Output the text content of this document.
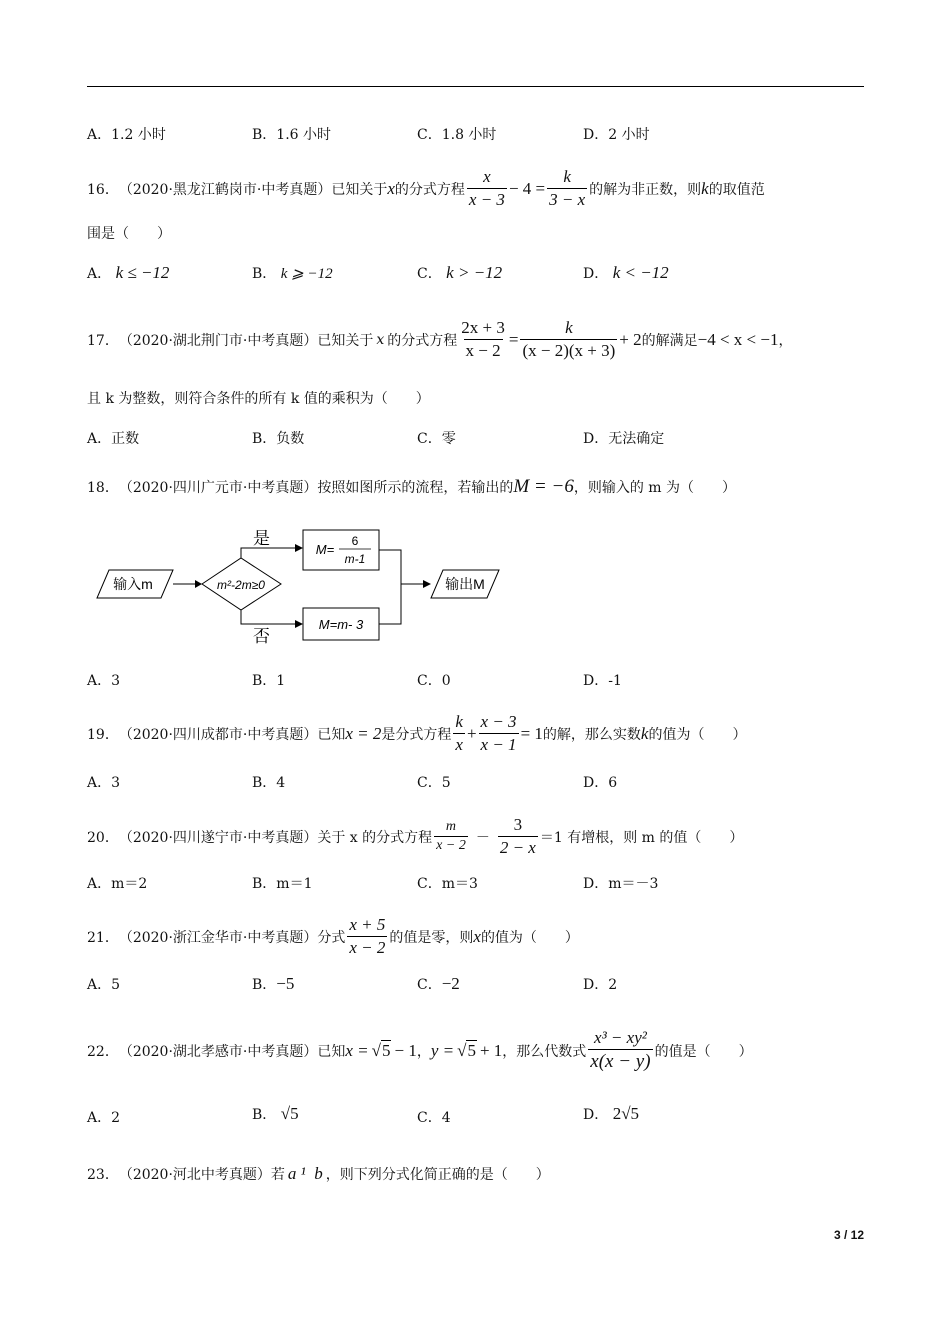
A．1.2 小时	B．1.6 小时	C．1.8 小时	D．2 小时
16． （2020·黑龙江鹤岗市·中考真题） 已知关于 x 的分式方程 $\frac{x}{x - 3} - 4 = \frac{k}{3 - x}$ 的解为非正数，则 k 的取值范
围是（　　）
A． k ≤ −12	B． k ⩾ −12	C． k > −12	D． k < −12
17． （2020·湖北荆门市·中考真题） 已知关于 x 的分式方程 $\frac{2x + 3}{x - 2} = \frac{k}{(x - 2)(x + 3)} + 2$ 的解满足 −4 < x < −1 ，
且 k 为整数，则符合条件的所有 k 值的乘积为（　　）
A．正数	B．负数	C．零	D．无法确定
18． （2020·四川广元市·中考真题） 按照如图所示的流程，若输出的 M = −6 ，则输入的 m 为（　　）
输入m	m²-2m≥0
是
M=
6
m-1
否
M=m- 3
输出M
A．3	B．1	C．0	D．-1
19． （2020·四川成都市·中考真题） 已知 x = 2 是分式方程 $\frac{k}{x} + \frac{x - 3}{x - 1} = 1$ 的解，那么实数 k 的值为（　　）
A．3	B．4	C．5	D．6
20． （2020·四川遂宁市·中考真题） 关于 x 的分式方程 $\frac{m}{x - 2} - \frac{3}{2 - x} =1$ 有增根，则 m 的值（　　）
A．m＝2	B．m＝1	C．m＝3	D．m＝－3
21． （2020·浙江金华市·中考真题） 分式 $\frac{x + 5}{x - 2}$ 的值是零，则 x 的值为（　　）
A．5	B．−5	C．−2	D．2
22． （2020·湖北孝感市·中考真题） 已知 x = √5 − 1 ， y = √5 + 1 ，那么代数式 $\frac{\text{x³ − xy²}}{x(x - y)}$ 的值是（　　）
A．2	B． √5	C．4	D． 2√5
23． （2020·河北中考真题） 若 a ¹  b ，则下列分式化简正确的是（　　）
3 / 12
